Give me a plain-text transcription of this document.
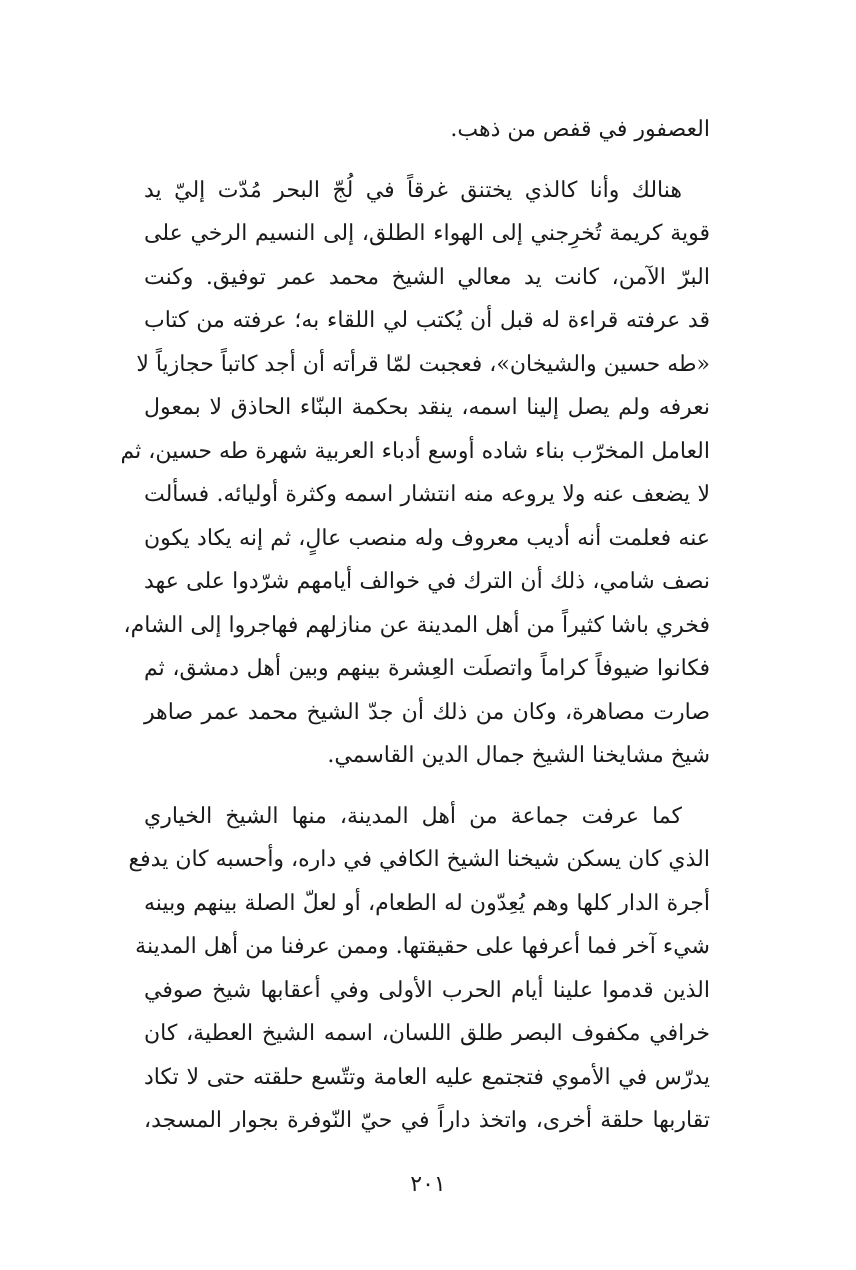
العصفور في قفص من ذهب.
هنالك وأنا كالذي يختنق غرقاً في لُجّ البحر مُدّت إليّ يد
قوية كريمة تُخرِجني إلى الهواء الطلق، إلى النسيم الرخي على
البرّ الآمن، كانت يد معالي الشيخ محمد عمر توفيق. وكنت
قد عرفته قراءة له قبل أن يُكتب لي اللقاء به؛ عرفته من كتاب
«طه حسين والشيخان»، فعجبت لمّا قرأته أن أجد كاتباً حجازياً لا
نعرفه ولم يصل إلينا اسمه، ينقد بحكمة البنّاء الحاذق لا بمعول
العامل المخرّب بناء شاده أوسع أدباء العربية شهرة طه حسين، ثم
لا يضعف عنه ولا يروعه منه انتشار اسمه وكثرة أوليائه. فسألت
عنه فعلمت أنه أديب معروف وله منصب عالٍ، ثم إنه يكاد يكون
نصف شامي، ذلك أن الترك في خوالف أيامهم شرّدوا على عهد
فخري باشا كثيراً من أهل المدينة عن منازلهم فهاجروا إلى الشام،
فكانوا ضيوفاً كراماً واتصلَت العِشرة بينهم وبين أهل دمشق، ثم
صارت مصاهرة، وكان من ذلك أن جدّ الشيخ محمد عمر صاهر
شيخ مشايخنا الشيخ جمال الدين القاسمي.
كما عرفت جماعة من أهل المدينة، منها الشيخ الخياري
الذي كان يسكن شيخنا الشيخ الكافي في داره، وأحسبه كان يدفع
أجرة الدار كلها وهم يُعِدّون له الطعام، أو لعلّ الصلة بينهم وبينه
شيء آخر فما أعرفها على حقيقتها. وممن عرفنا من أهل المدينة
الذين قدموا علينا أيام الحرب الأولى وفي أعقابها شيخ صوفي
خرافي مكفوف البصر طلق اللسان، اسمه الشيخ العطية، كان
يدرّس في الأموي فتجتمع عليه العامة وتتّسع حلقته حتى لا تكاد
تقاربها حلقة أخرى، واتخذ داراً في حيّ النّوفرة بجوار المسجد،
٢٠١
